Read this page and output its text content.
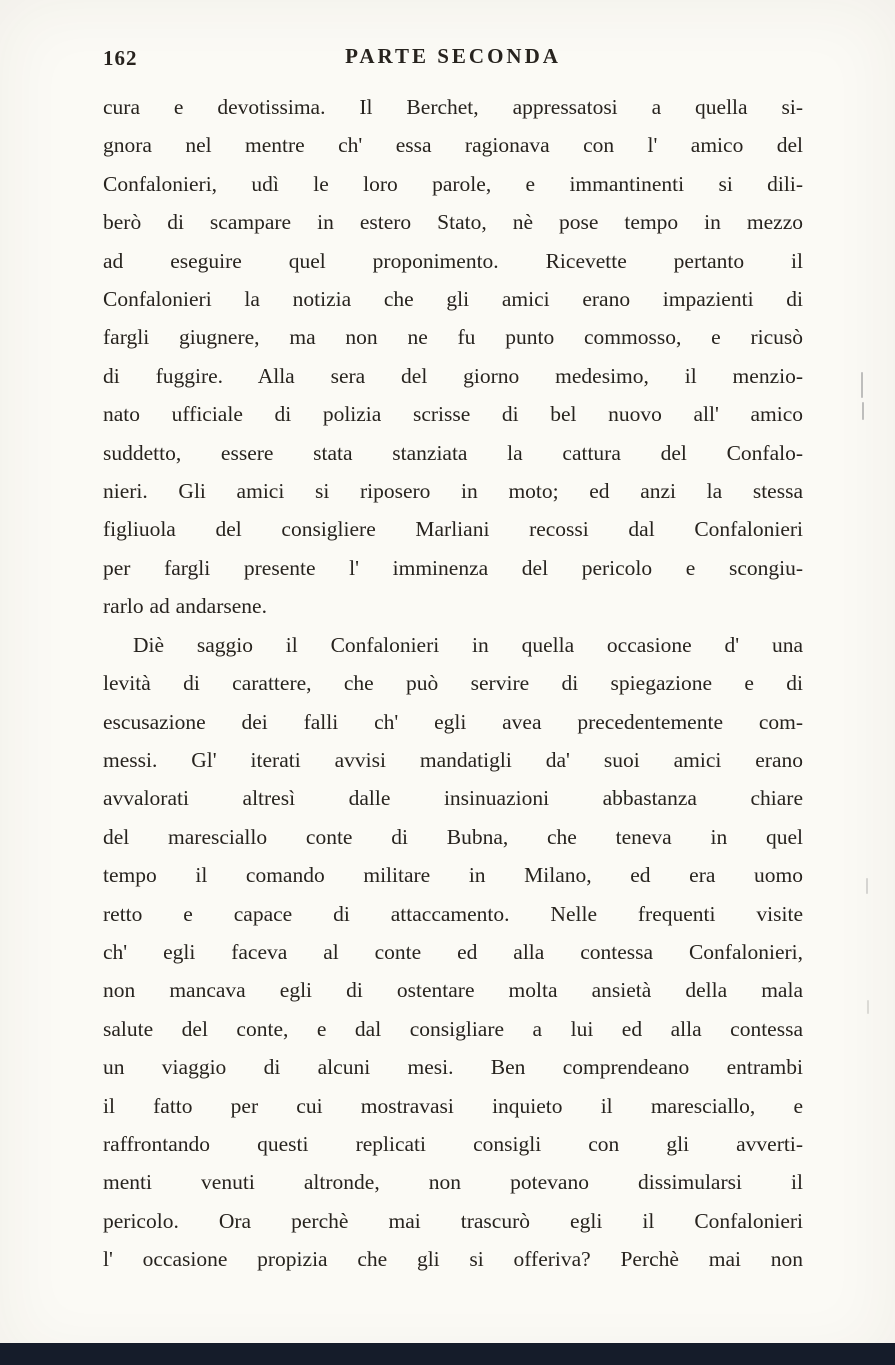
162	PARTE SECONDA
cura e devotissima. Il Berchet, appressatosi a quella si-
gnora nel mentre ch' essa ragionava con l' amico del
Confalonieri, udì le loro parole, e immantinenti si dili-
berò di scampare in estero Stato, nè pose tempo in mezzo
ad eseguire quel proponimento. Ricevette pertanto il
Confalonieri la notizia che gli amici erano impazienti di
fargli giugnere, ma non ne fu punto commosso, e ricusò
di fuggire. Alla sera del giorno medesimo, il menzio-
nato ufficiale di polizia scrisse di bel nuovo all' amico
suddetto, essere stata stanziata la cattura del Confalo-
nieri. Gli amici si riposero in moto; ed anzi la stessa
figliuola del consigliere Marliani recossi dal Confalonieri
per fargli presente l' imminenza del pericolo e scongiu-
rarlo ad andarsene.
Diè saggio il Confalonieri in quella occasione d' una
levità di carattere, che può servire di spiegazione e di
escusazione dei falli ch' egli avea precedentemente com-
messi. Gl' iterati avvisi mandatigli da' suoi amici erano
avvalorati altresì dalle insinuazioni abbastanza chiare
del maresciallo conte di Bubna, che teneva in quel
tempo il comando militare in Milano, ed era uomo
retto e capace di attaccamento. Nelle frequenti visite
ch' egli faceva al conte ed alla contessa Confalonieri,
non mancava egli di ostentare molta ansietà della mala
salute del conte, e dal consigliare a lui ed alla contessa
un viaggio di alcuni mesi. Ben comprendeano entrambi
il fatto per cui mostravasi inquieto il maresciallo, e
raffrontando questi replicati consigli con gli avverti-
menti venuti altronde, non potevano dissimularsi il
pericolo. Ora perchè mai trascurò egli il Confalonieri
l' occasione propizia che gli si offeriva? Perchè mai non
